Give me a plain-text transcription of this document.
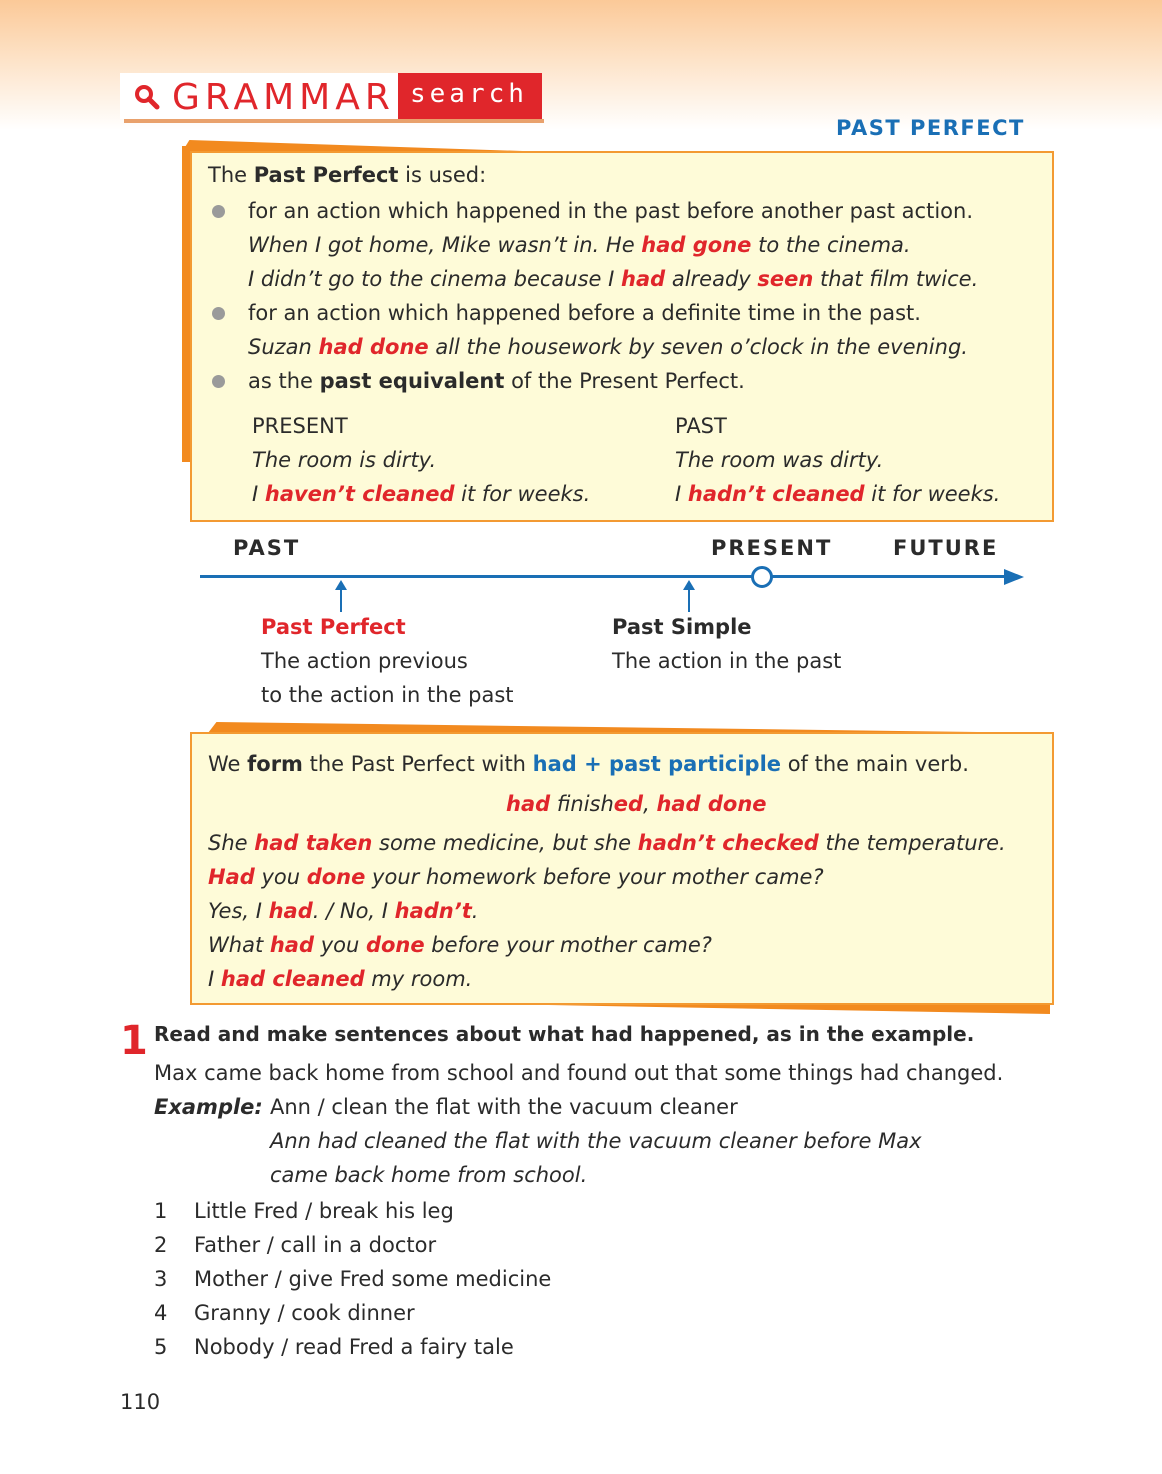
GRAMMAR search
PAST PERFECT
The Past Perfect is used:
for an action which happened in the past before another past action.
When I got home, Mike wasn’t in. He had gone to the cinema.
I didn’t go to the cinema because I had already seen that film twice.
for an action which happened before a definite time in the past.
Suzan had done all the housework by seven o’clock in the evening.
as the past equivalent of the Present Perfect.
PRESENT
The room is dirty.
I haven’t cleaned it for weeks.
PAST
The room was dirty.
I hadn’t cleaned it for weeks.
PAST	PRESENT	FUTURE
Past Perfect
The action previous
to the action in the past
Past Simple
The action in the past
We form the Past Perfect with had + past participle of the main verb.
had finished, had done
She had taken some medicine, but she hadn’t checked the temperature.
Had you done your homework before your mother came?
Yes, I had. / No, I hadn’t.
What had you done before your mother came?
I had cleaned my room.
1 Read and make sentences about what had happened, as in the example.
Max came back home from school and found out that some things had changed.
Example: Ann / clean the flat with the vacuum cleaner
Ann had cleaned the flat with the vacuum cleaner before Max
came back home from school.
1 Little Fred / break his leg
2 Father / call in a doctor
3 Mother / give Fred some medicine
4 Granny / cook dinner
5 Nobody / read Fred a fairy tale
110
